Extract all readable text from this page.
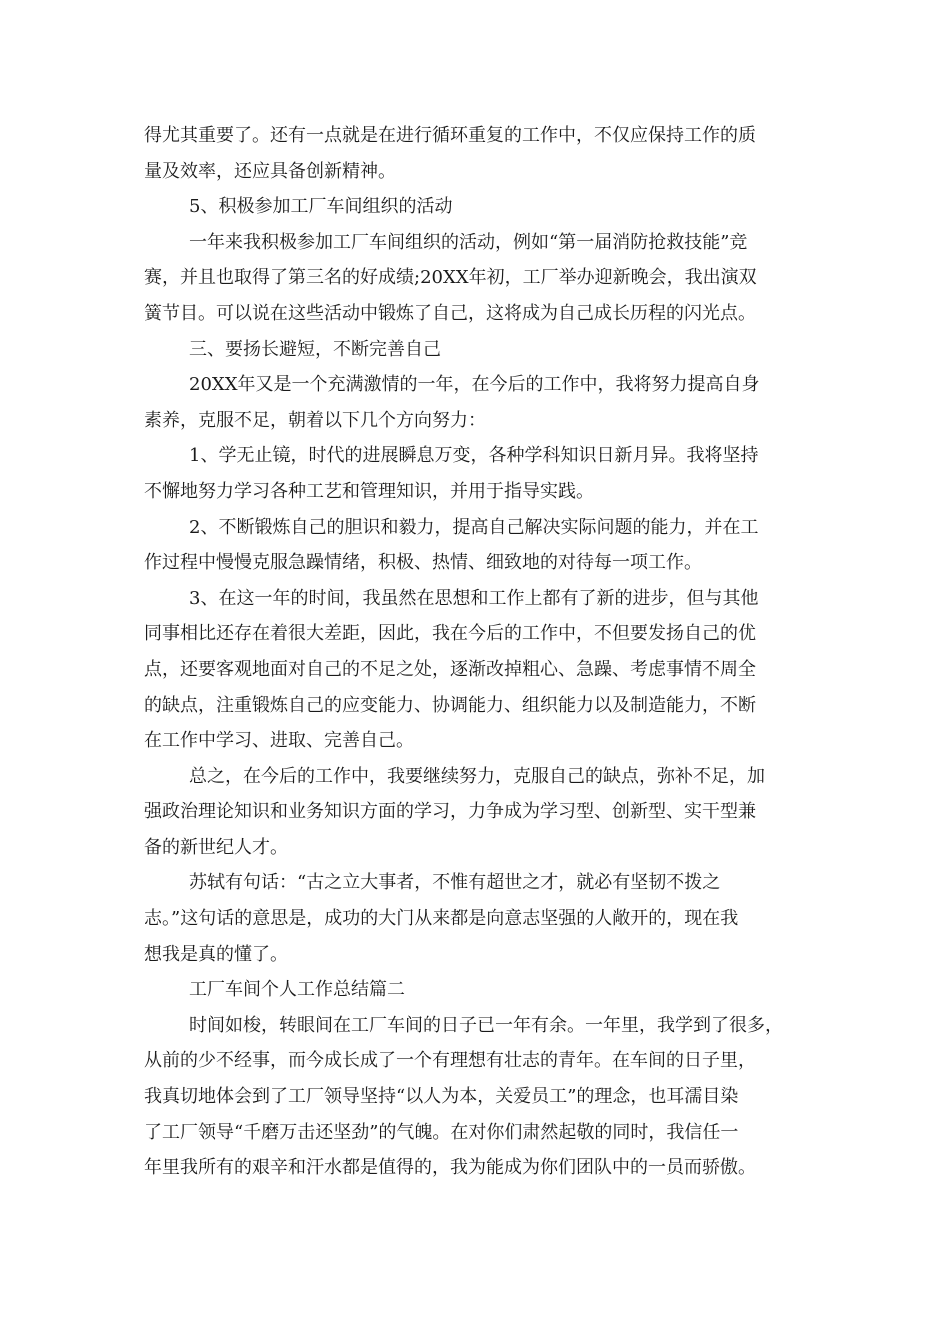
得尤其重要了。还有一点就是在进行循环重复的工作中，不仅应保持工作的质
量及效率，还应具备创新精神。
5、积极参加工厂车间组织的活动
一年来我积极参加工厂车间组织的活动，例如“第一届消防抢救技能”竞
赛，并且也取得了第三名的好成绩;20XX年初，工厂举办迎新晚会，我出演双
簧节目。可以说在这些活动中锻炼了自己，这将成为自己成长历程的闪光点。
三、要扬长避短，不断完善自己
20XX年又是一个充满激情的一年，在今后的工作中，我将努力提高自身
素养，克服不足，朝着以下几个方向努力：
1、学无止镜，时代的进展瞬息万变，各种学科知识日新月异。我将坚持
不懈地努力学习各种工艺和管理知识，并用于指导实践。
2、不断锻炼自己的胆识和毅力，提高自己解决实际问题的能力，并在工
作过程中慢慢克服急躁情绪，积极、热情、细致地的对待每一项工作。
3、在这一年的时间，我虽然在思想和工作上都有了新的进步，但与其他
同事相比还存在着很大差距，因此，我在今后的工作中，不但要发扬自己的优
点，还要客观地面对自己的不足之处，逐渐改掉粗心、急躁、考虑事情不周全
的缺点，注重锻炼自己的应变能力、协调能力、组织能力以及制造能力，不断
在工作中学习、进取、完善自己。
总之，在今后的工作中，我要继续努力，克服自己的缺点，弥补不足，加
强政治理论知识和业务知识方面的学习，力争成为学习型、创新型、实干型兼
备的新世纪人才。
苏轼有句话：“古之立大事者，不惟有超世之才，就必有坚韧不拨之
志。”这句话的意思是，成功的大门从来都是向意志坚强的人敞开的，现在我
想我是真的懂了。
工厂车间个人工作总结篇二
时间如梭，转眼间在工厂车间的日子已一年有余。一年里，我学到了很多，
从前的少不经事，而今成长成了一个有理想有壮志的青年。在车间的日子里，
我真切地体会到了工厂领导坚持“以人为本，关爱员工”的理念，也耳濡目染
了工厂领导“千磨万击还坚劲”的气魄。在对你们肃然起敬的同时，我信任一
年里我所有的艰辛和汗水都是值得的，我为能成为你们团队中的一员而骄傲。
